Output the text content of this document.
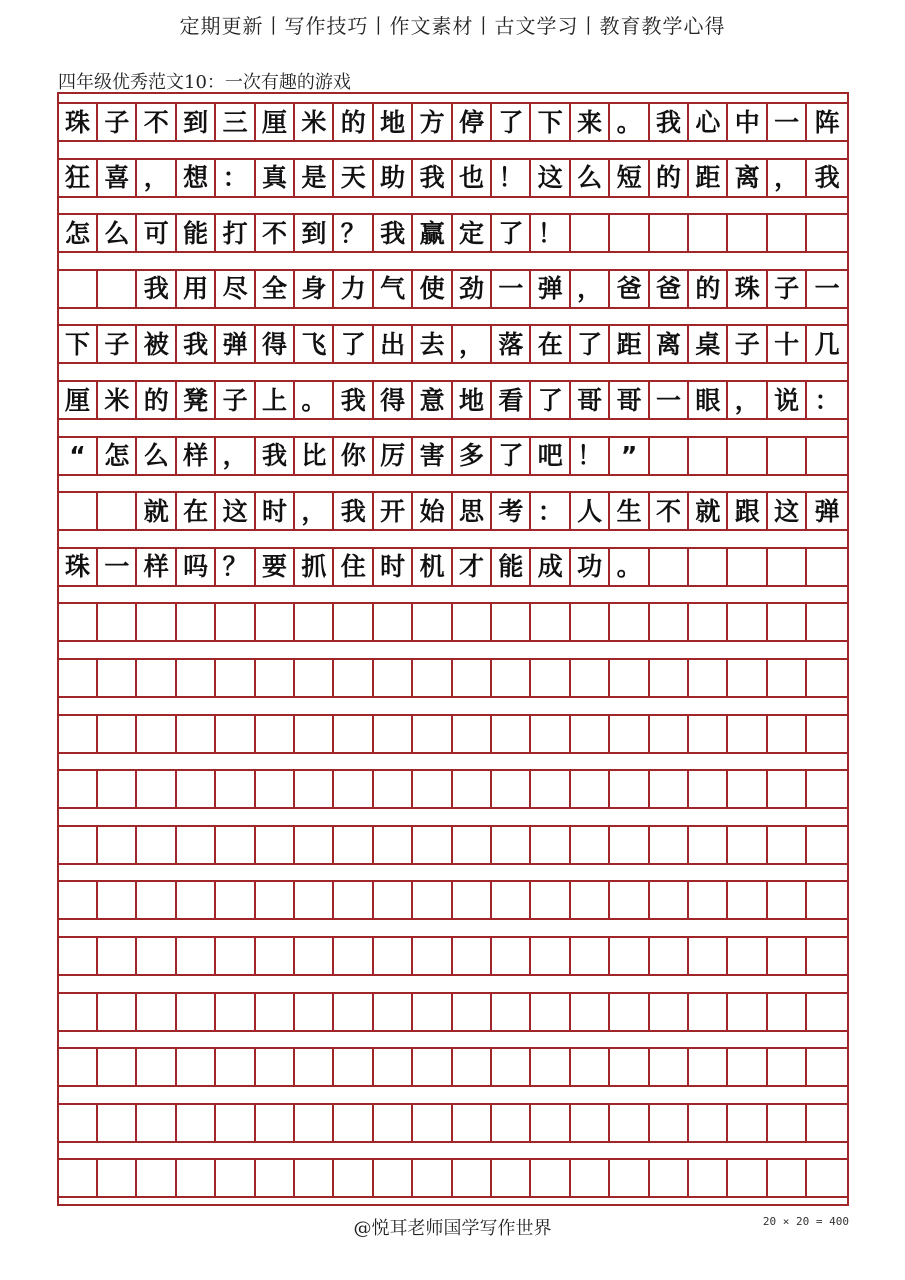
定期更新丨写作技巧丨作文素材丨古文学习丨教育教学心得
四年级优秀范文10：一次有趣的游戏
珠 子 不 到 三 厘 米 的 地 方 停 了 下 来 。 我 心 中 一 阵
狂 喜 ， 想 ： 真 是 天 助 我 也 ！ 这 么 短 的 距 离 ， 我
怎 么 可 能 打 不 到 ？ 我 赢 定 了 ！
我 用 尽 全 身 力 气 使 劲 一 弹 ， 爸 爸 的 珠 子 一
下 子 被 我 弹 得 飞 了 出 去 ， 落 在 了 距 离 桌 子 十 几
厘 米 的 凳 子 上 。 我 得 意 地 看 了 哥 哥 一 眼 ， 说 ：
“ 怎 么 样 ， 我 比 你 厉 害 多 了 吧 ！ ”
就 在 这 时 ， 我 开 始 思 考 ： 人 生 不 就 跟 这 弹
珠 一 样 吗 ？ 要 抓 住 时 机 才 能 成 功 。
@悦耳老师国学写作世界	20 × 20 = 400
